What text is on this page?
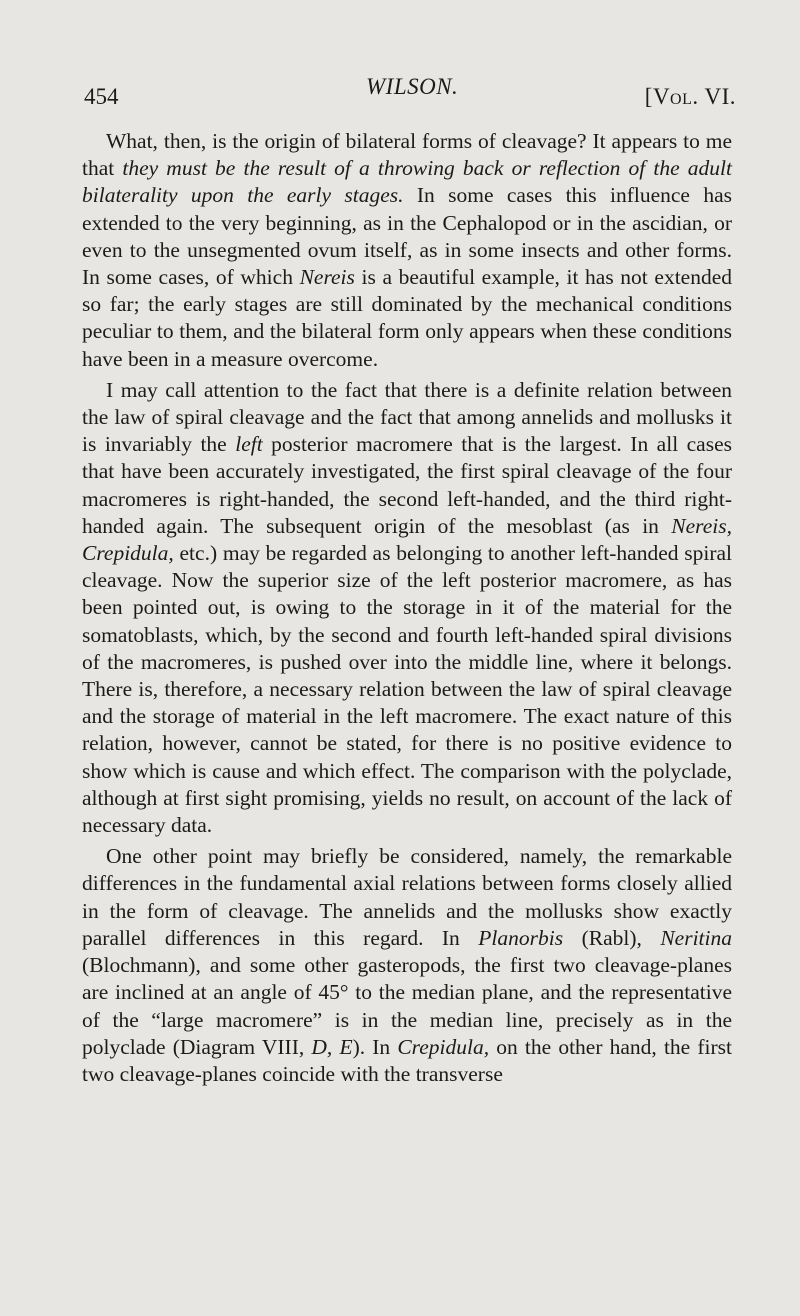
454	WILSON.	[Vol. VI.

What, then, is the origin of bilateral forms of cleavage? It appears to me that they must be the result of a throwing back or reflection of the adult bilaterality upon the early stages. In some cases this influence has extended to the very beginning, as in the Cephalopod or in the ascidian, or even to the unsegmented ovum itself, as in some insects and other forms. In some cases, of which Nereis is a beautiful example, it has not extended so far; the early stages are still dominated by the mechanical conditions peculiar to them, and the bilateral form only appears when these conditions have been in a measure overcome.

I may call attention to the fact that there is a definite relation between the law of spiral cleavage and the fact that among annelids and mollusks it is invariably the left posterior macromere that is the largest. In all cases that have been accurately investigated, the first spiral cleavage of the four macromeres is right-handed, the second left-handed, and the third right-handed again. The subsequent origin of the mesoblast (as in Nereis, Crepidula, etc.) may be regarded as belonging to another left-handed spiral cleavage. Now the superior size of the left posterior macromere, as has been pointed out, is owing to the storage in it of the material for the somatoblasts, which, by the second and fourth left-handed spiral divisions of the macromeres, is pushed over into the middle line, where it belongs. There is, therefore, a necessary relation between the law of spiral cleavage and the storage of material in the left macromere. The exact nature of this relation, however, cannot be stated, for there is no positive evidence to show which is cause and which effect. The comparison with the polyclade, although at first sight promising, yields no result, on account of the lack of necessary data.

One other point may briefly be considered, namely, the remarkable differences in the fundamental axial relations between forms closely allied in the form of cleavage. The annelids and the mollusks show exactly parallel differences in this regard. In Planorbis (Rabl), Neritina (Blochmann), and some other gasteropods, the first two cleavage-planes are inclined at an angle of 45° to the median plane, and the representative of the “large macromere” is in the median line, precisely as in the polyclade (Diagram VIII, D, E). In Crepidula, on the other hand, the first two cleavage-planes coincide with the transverse
